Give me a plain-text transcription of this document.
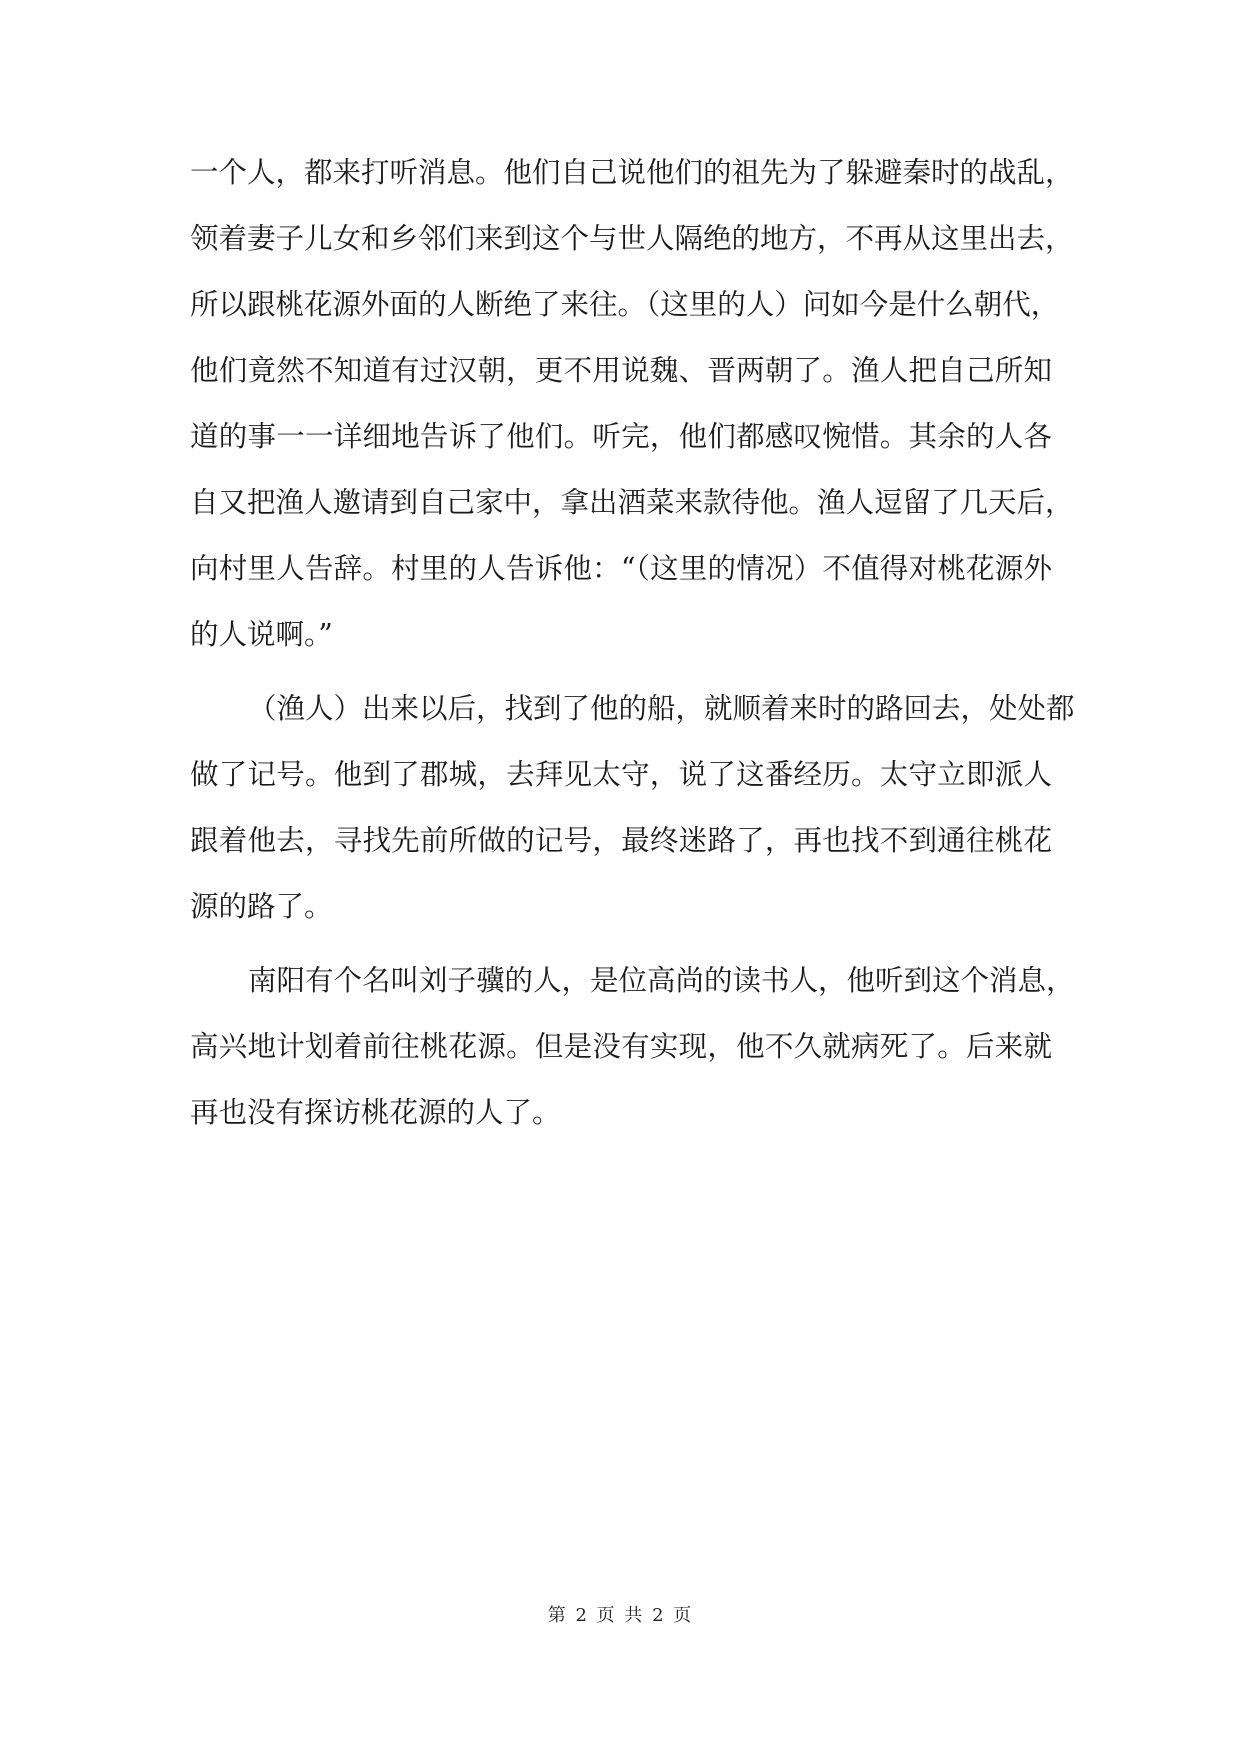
一个人，都来打听消息。他们自己说他们的祖先为了躲避秦时的战乱，
领着妻子儿女和乡邻们来到这个与世人隔绝的地方，不再从这里出去，
所以跟桃花源外面的人断绝了来往。（这里的人）问如今是什么朝代，
他们竟然不知道有过汉朝，更不用说魏、晋两朝了。渔人把自己所知
道的事一一详细地告诉了他们。听完，他们都感叹惋惜。其余的人各
自又把渔人邀请到自己家中，拿出酒菜来款待他。渔人逗留了几天后，
向村里人告辞。村里的人告诉他：“（这里的情况）不值得对桃花源外
的人说啊。”
（渔人）出来以后，找到了他的船，就顺着来时的路回去，处处都
做了记号。他到了郡城，去拜见太守，说了这番经历。太守立即派人
跟着他去，寻找先前所做的记号，最终迷路了，再也找不到通往桃花
源的路了。
南阳有个名叫刘子骥的人，是位高尚的读书人，他听到这个消息，
高兴地计划着前往桃花源。但是没有实现，他不久就病死了。后来就
再也没有探访桃花源的人了。
第 2 页 共 2 页
